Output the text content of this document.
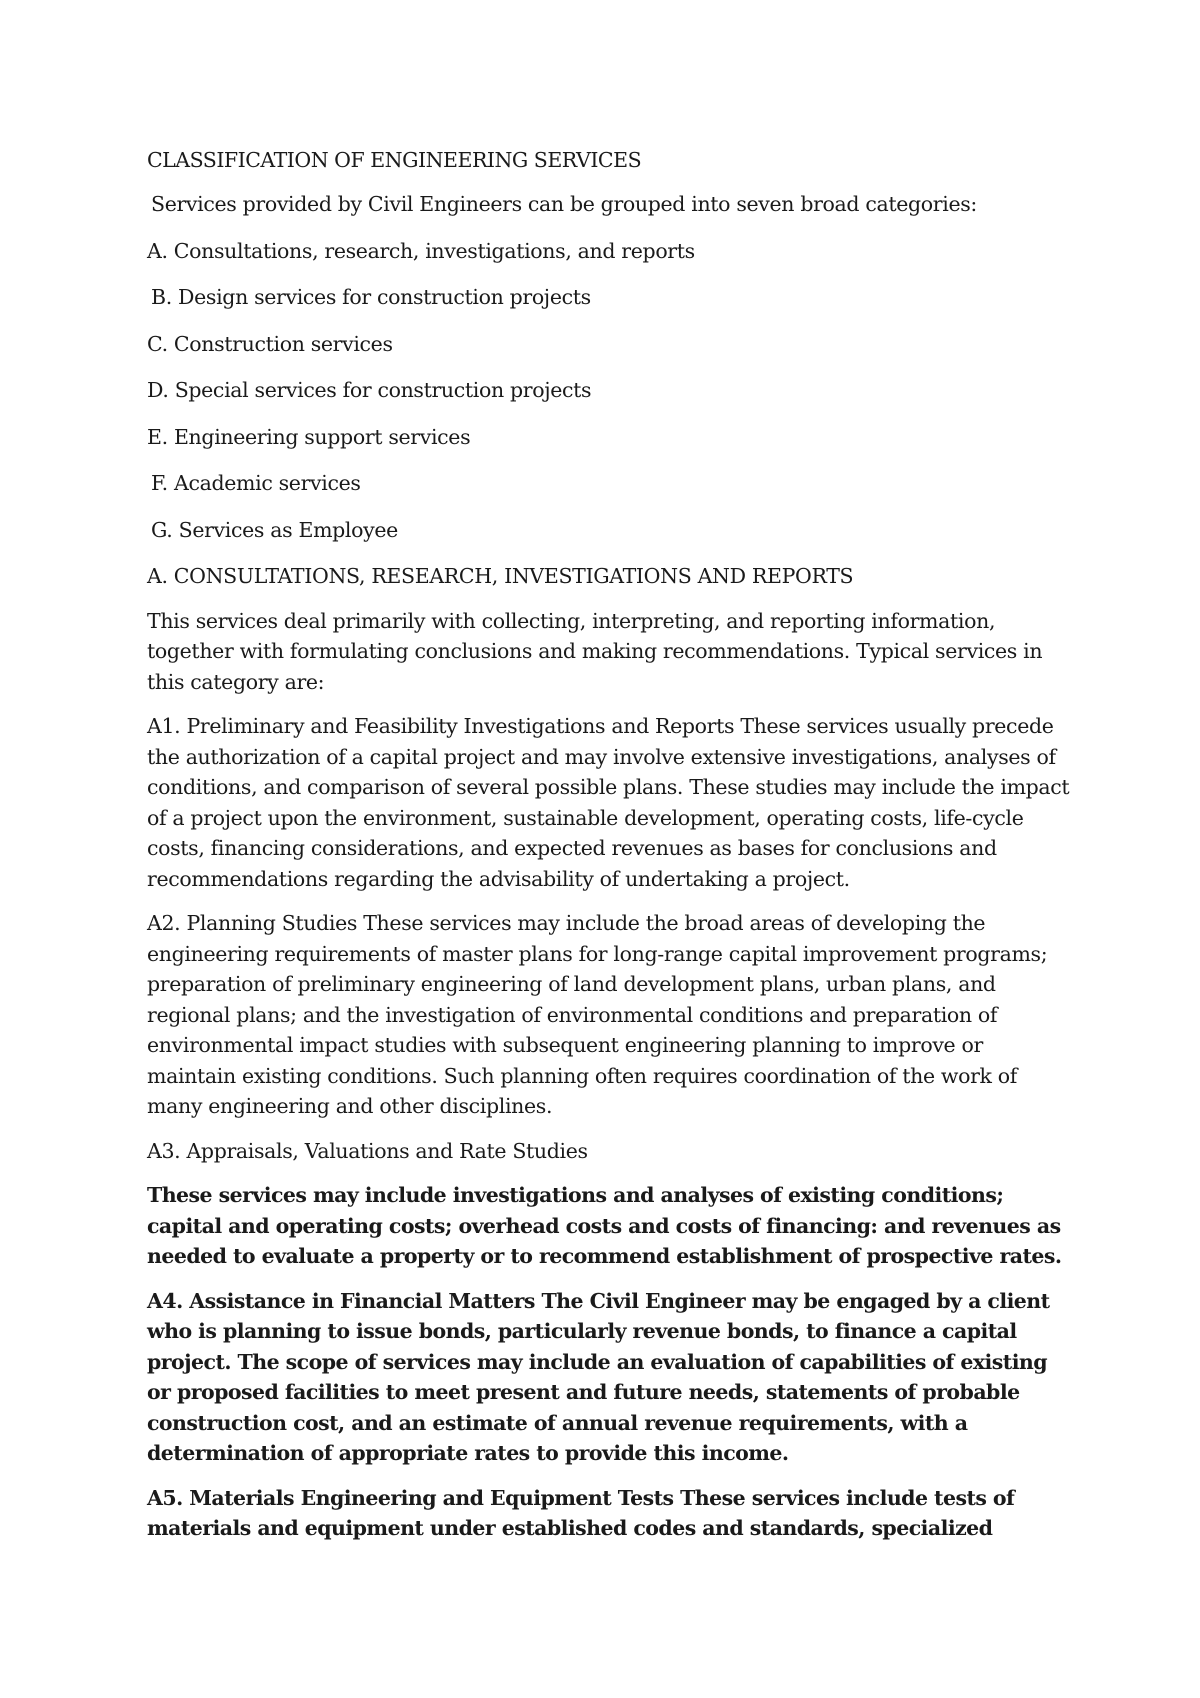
CLASSIFICATION OF ENGINEERING SERVICES

Services provided by Civil Engineers can be grouped into seven broad categories:

A. Consultations, research, investigations, and reports
B. Design services for construction projects
C. Construction services
D. Special services for construction projects
E. Engineering support services
F. Academic services
G. Services as Employee

A. CONSULTATIONS, RESEARCH, INVESTIGATIONS AND REPORTS

This services deal primarily with collecting, interpreting, and reporting information, together with formulating conclusions and making recommendations. Typical services in this category are:

A1. Preliminary and Feasibility Investigations and Reports These services usually precede the authorization of a capital project and may involve extensive investigations, analyses of conditions, and comparison of several possible plans. These studies may include the impact of a project upon the environment, sustainable development, operating costs, life-cycle costs, financing considerations, and expected revenues as bases for conclusions and recommendations regarding the advisability of undertaking a project.

A2. Planning Studies These services may include the broad areas of developing the engineering requirements of master plans for long-range capital improvement programs; preparation of preliminary engineering of land development plans, urban plans, and regional plans; and the investigation of environmental conditions and preparation of environmental impact studies with subsequent engineering planning to improve or maintain existing conditions. Such planning often requires coordination of the work of many engineering and other disciplines.

A3. Appraisals, Valuations and Rate Studies

These services may include investigations and analyses of existing conditions; capital and operating costs; overhead costs and costs of financing: and revenues as needed to evaluate a property or to recommend establishment of prospective rates.

A4. Assistance in Financial Matters The Civil Engineer may be engaged by a client who is planning to issue bonds, particularly revenue bonds, to finance a capital project. The scope of services may include an evaluation of capabilities of existing or proposed facilities to meet present and future needs, statements of probable construction cost, and an estimate of annual revenue requirements, with a determination of appropriate rates to provide this income.

A5. Materials Engineering and Equipment Tests These services include tests of materials and equipment under established codes and standards, specialized
